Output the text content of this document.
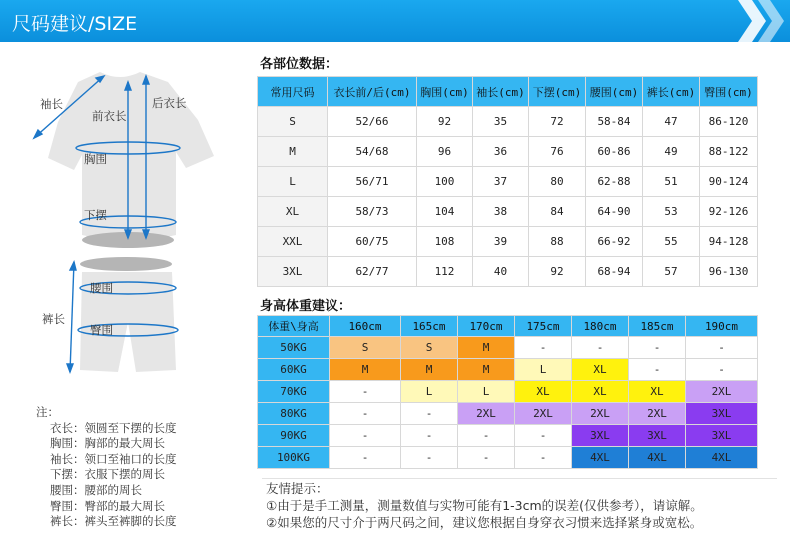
尺码建议/SIZE
袖长
前衣长
后衣长
胸围
下摆
腰围
裤长
臀围
注：
衣长：领圆至下摆的长度
胸围：胸部的最大周长
袖长：领口至袖口的长度
下摆：衣服下摆的周长
腰围：腰部的周长
臀围：臀部的最大周长
裤长：裤头至裤脚的长度
各部位数据：
常用尺码	衣长前/后(cm)	胸围(cm)	袖长(cm)	下摆(cm)	腰围(cm)	裤长(cm)	臀围(cm)
S	52/66	92	35	72	58-84	47	86-120
M	54/68	96	36	76	60-86	49	88-122
L	56/71	100	37	80	62-88	51	90-124
XL	58/73	104	38	84	64-90	53	92-126
XXL	60/75	108	39	88	66-92	55	94-128
3XL	62/77	112	40	92	68-94	57	96-130
身高体重建议：
体重\身高	160cm	165cm	170cm	175cm	180cm	185cm	190cm
50KG	S	S	M	-	-	-	-
60KG	M	M	M	L	XL	-	-
70KG	-	L	L	XL	XL	XL	2XL
80KG	-	-	2XL	2XL	2XL	2XL	3XL
90KG	-	-	-	-	3XL	3XL	3XL
100KG	-	-	-	-	4XL	4XL	4XL
友情提示：
①由于是手工测量，测量数值与实物可能有1-3cm的误差(仅供参考），请谅解。
②如果您的尺寸介于两尺码之间，建议您根据自身穿衣习惯来选择紧身或宽松。
